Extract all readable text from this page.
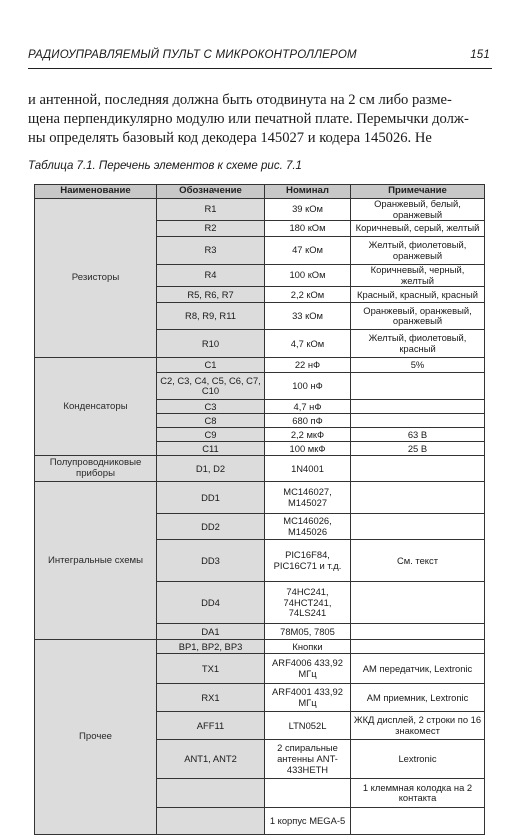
РАДИОУПРАВЛЯЕМЫЙ ПУЛЬТ С МИКРОКОНТРОЛЛЕРОМ	151
и антенной, последняя должна быть отодвинута на 2 см либо разме-
щена перпендикулярно модулю или печатной плате. Перемычки долж-
ны определять базовый код декодера 145027 и кодера 145026. Не
Таблица 7.1. Перечень элементов к схеме рис. 7.1
Наименование	Обозначение	Номинал	Примечание
Резисторы	R1	39 кОм	Оранжевый, белый, оранжевый
	R2	180 кОм	Коричневый, серый, желтый
	R3	47 кОм	Желтый, фиолетовый, оранжевый
	R4	100 кОм	Коричневый, черный, желтый
	R5, R6, R7	2,2 кОм	Красный, красный, красный
	R8, R9, R11	33 кОм	Оранжевый, оранжевый, оранжевый
	R10	4,7 кОм	Желтый, фиолетовый, красный
Конденсаторы	C1	22 нФ	5%
	C2, C3, C4, C5, C6, C7, C10	100 нФ	
	C3	4,7 нФ	
	C8	680 пФ	
	C9	2,2 мкФ	63 В
	C11	100 мкФ	25 В
Полупроводниковые приборы	D1, D2	1N4001	
Интегральные схемы	DD1	MC146027, M145027	
	DD2	MC146026, M145026	
	DD3	PIC16F84, PIC16C71 и т.д.	См. текст
	DD4	74HC241, 74HCT241, 74LS241	
	DA1	78M05, 7805	
Прочее	BP1, BP2, BP3	Кнопки	
	TX1	ARF4006 433,92 МГц	АМ передатчик, Lextronic
	RX1	ARF4001 433,92 МГц	АМ приемник, Lextronic
	AFF11	LTN052L	ЖКД дисплей, 2 строки по 16 знакомест
	ANT1, ANT2	2 спиральные антенны ANT-433HETH	Lextronic
			1 клеммная колодка на 2 контакта
		1 корпус MEGA-5	
